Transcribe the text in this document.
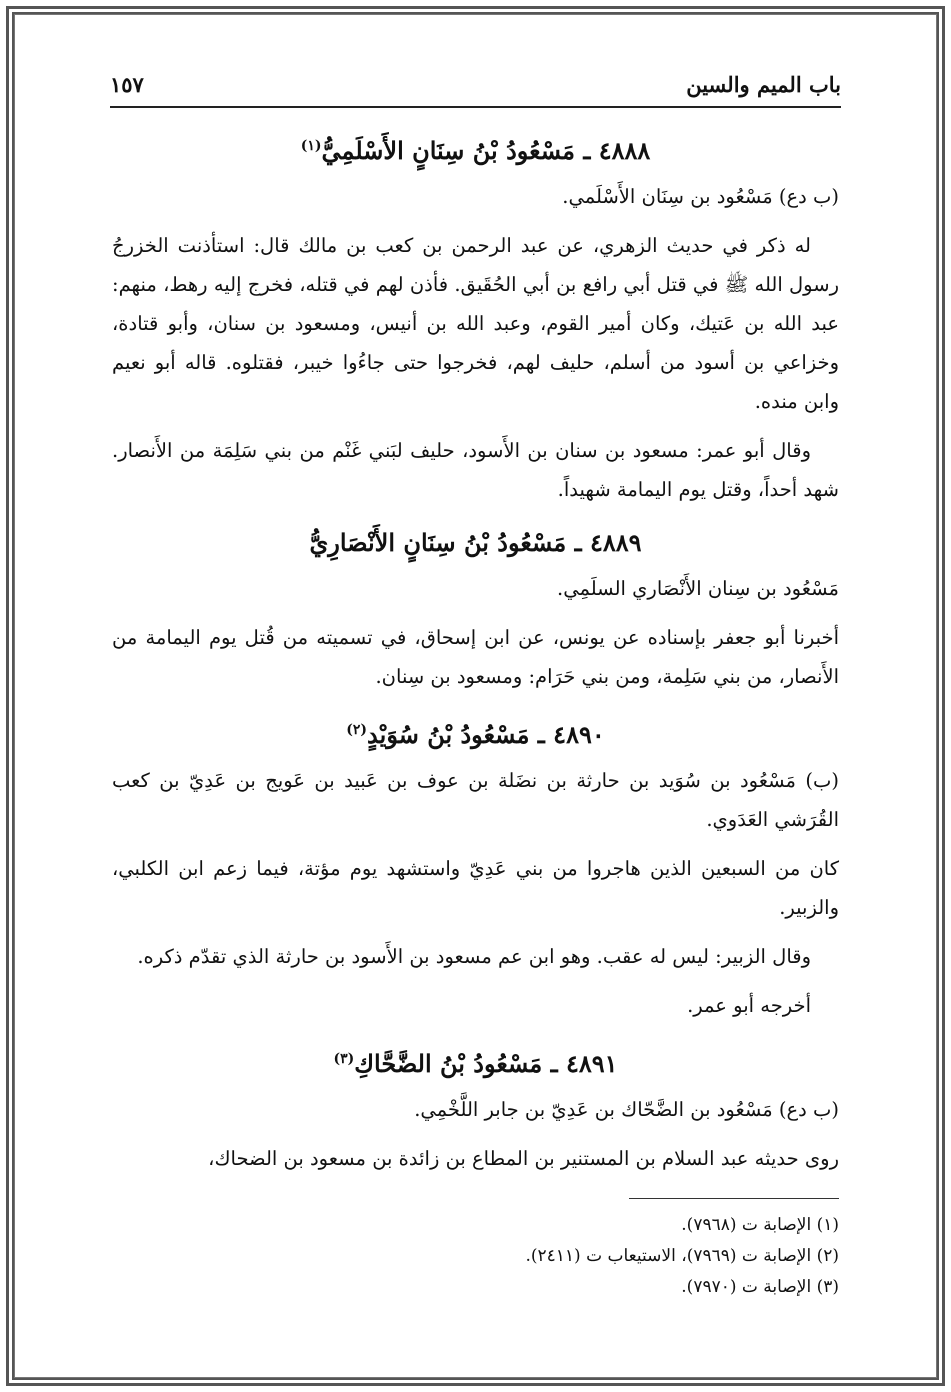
باب الميم والسين
١٥٧
٤٨٨٨ ـ مَسْعُودُ بْنُ سِنَانٍ الأَسْلَمِيُّ$^{(١)}$

(ب دع) مَسْعُود بن سِنَان الأَسْلَمي.

له ذكر في حديث الزهري، عن عبد الرحمن بن كعب بن مالك قال: استأذنت الخزرجُ رسول الله ﷺ في قتل أبي رافع بن أبي الحُقَيق. فأذن لهم في قتله، فخرج إليه رهط، منهم: عبد الله بن عَتيك، وكان أمير القوم، وعبد الله بن أنيس، ومسعود بن سنان، وأبو قتادة، وخزاعي بن أسود من أسلم، حليف لهم، فخرجوا حتى جاءُوا خيبر، فقتلوه. قاله أبو نعيم وابن منده.

وقال أبو عمر: مسعود بن سنان بن الأَسود، حليف لبَني غَنْم من بني سَلِمَة من الأَنصار. شهد أحداً، وقتل يوم اليمامة شهيداً.

٤٨٨٩ ـ مَسْعُودُ بْنُ سِنَانٍ الأَنْصَارِيُّ

مَسْعُود بن سِنان الأَنْصَاري السلَمِي.

أخبرنا أبو جعفر بإسناده عن يونس، عن ابن إسحاق، في تسميته من قُتل يوم اليمامة من الأَنصار، من بني سَلِمة، ومن بني حَرَام: ومسعود بن سِنان.

٤٨٩٠ ـ مَسْعُودُ بْنُ سُوَيْدٍ$^{(٢)}$

(ب) مَسْعُود بن سُوَيد بن حارثة بن نضَلة بن عوف بن عَبيد بن عَويج بن عَدِيّ بن كعب القُرَشي العَدَوي.

كان من السبعين الذين هاجروا من بني عَدِيّ واستشهد يوم مؤتة، فيما زعم ابن الكلبي، والزبير.

وقال الزبير: ليس له عقب. وهو ابن عم مسعود بن الأَسود بن حارثة الذي تقدّم ذكره.

أخرجه أبو عمر.

٤٨٩١ ـ مَسْعُودُ بْنُ الضَّحَّاكِ$^{(٣)}$

(ب دع) مَسْعُود بن الضَّحّاك بن عَدِيّ بن جابر اللَّخْمِي.

روى حديثه عبد السلام بن المستنير بن المطاع بن زائدة بن مسعود بن الضحاك،

(١) الإصابة ت (٧٩٦٨).

(٢) الإصابة ت (٧٩٦٩)، الاستيعاب ت (٢٤١١).

(٣) الإصابة ت (٧٩٧٠).
